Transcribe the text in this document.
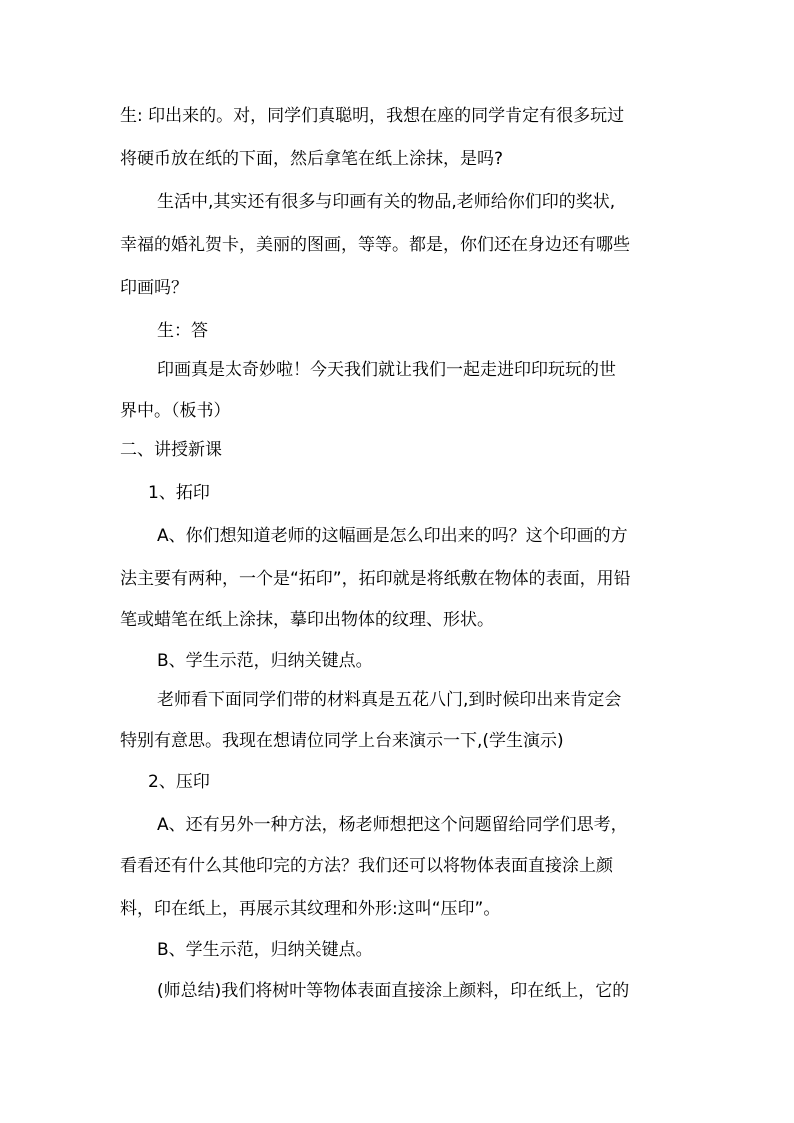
生: 印出来的。对，同学们真聪明，我想在座的同学肯定有很多玩过
将硬币放在纸的下面，然后拿笔在纸上涂抹，是吗?
生活中,其实还有很多与印画有关的物品,老师给你们印的奖状,
幸福的婚礼贺卡，美丽的图画，等等。都是，你们还在身边还有哪些
印画吗？
生：答
印画真是太奇妙啦！今天我们就让我们一起走进印印玩玩的世
界中。（板书）
二、讲授新课
1、拓印
A、你们想知道老师的这幅画是怎么印出来的吗？这个印画的方
法主要有两种，一个是“拓印”，拓印就是将纸敷在物体的表面，用铅
笔或蜡笔在纸上涂抹，摹印出物体的纹理、形状。
B、学生示范，归纳关键点。
老师看下面同学们带的材料真是五花八门,到时候印出来肯定会
特别有意思。我现在想请位同学上台来演示一下,(学生演示)
2、压印
A、还有另外一种方法，杨老师想把这个问题留给同学们思考，
看看还有什么其他印完的方法？我们还可以将物体表面直接涂上颜
料，印在纸上，再展示其纹理和外形:这叫“压印”。
B、学生示范，归纳关键点。
(师总结)我们将树叶等物体表面直接涂上颜料，印在纸上，它的
